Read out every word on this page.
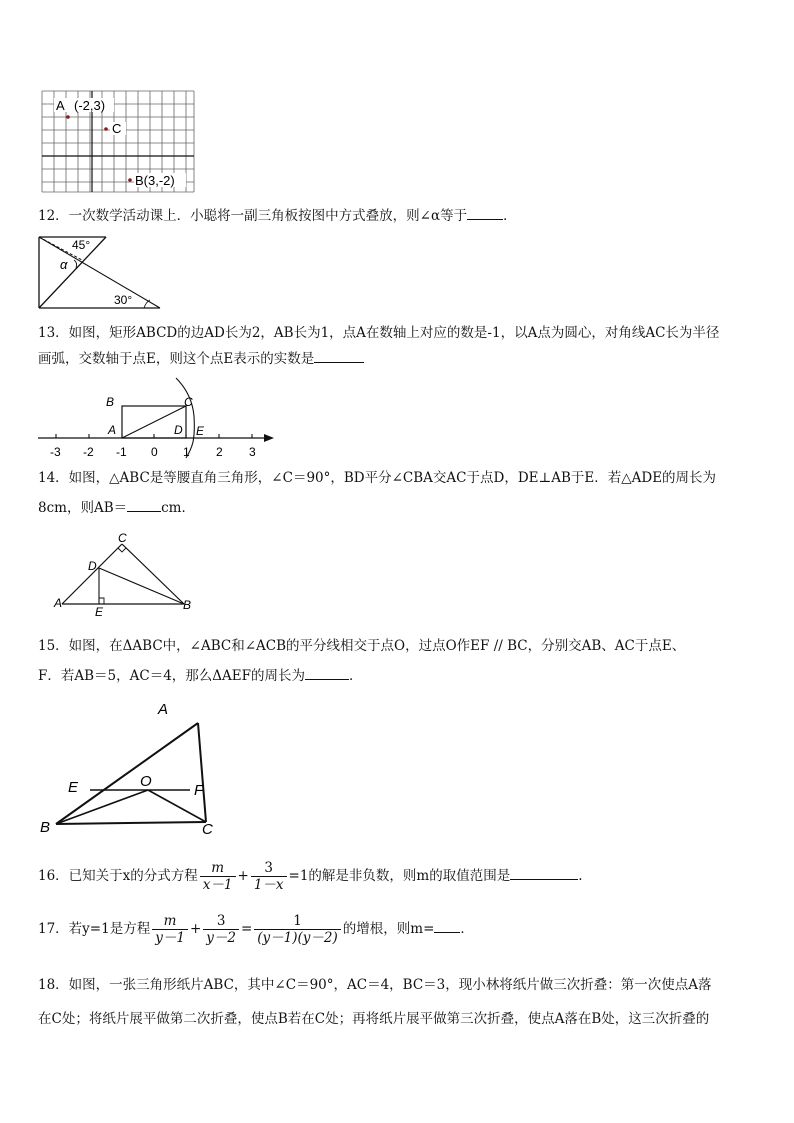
A (-2,3)
C
B(3,-2)
12．一次数学活动课上．小聪将一副三角板按图中方式叠放，则∠α等于	．
45°
α
30°
13．如图，矩形ABCD的边AD长为2，AB长为1，点A在数轴上对应的数是-1，以A点为圆心，对角线AC长为半径
画弧，交数轴于点E，则这个点E表示的实数是
B	C
A	D E
-3 -2 -1 0 1 2 3
14．如图，△ABC是等腰直角三角形，∠C＝90°，BD平分∠CBA交AC于点D，DE⊥AB于E．若△ADE的周长为
8cm，则AB＝	cm．
C
D
A
E	B
15．如图，在ΔABC中，∠ABC和∠ACB的平分线相交于点O，过点O作EF // BC，分别交AB、AC于点E、
F．若AB＝5，AC＝4，那么ΔAEF的周长为	．
A
E	O
F
B	C
16．已知关于x的分式方程 $\frac{m}{x-1} + \frac{3}{1-x} =1$的解是非负数，则m的取值范围是	.
17．若y=1是方程 $\frac{m}{y-1} + \frac{3}{y-2} = \frac{1}{(y-1)(y-2)}$ 的增根，则m= ．
18．如图，一张三角形纸片ABC，其中∠C＝90°，AC＝4，BC＝3，现小林将纸片做三次折叠：第一次使点A落
在C处；将纸片展平做第二次折叠，使点B若在C处；再将纸片展平做第三次折叠，使点A落在B处，这三次折叠的
